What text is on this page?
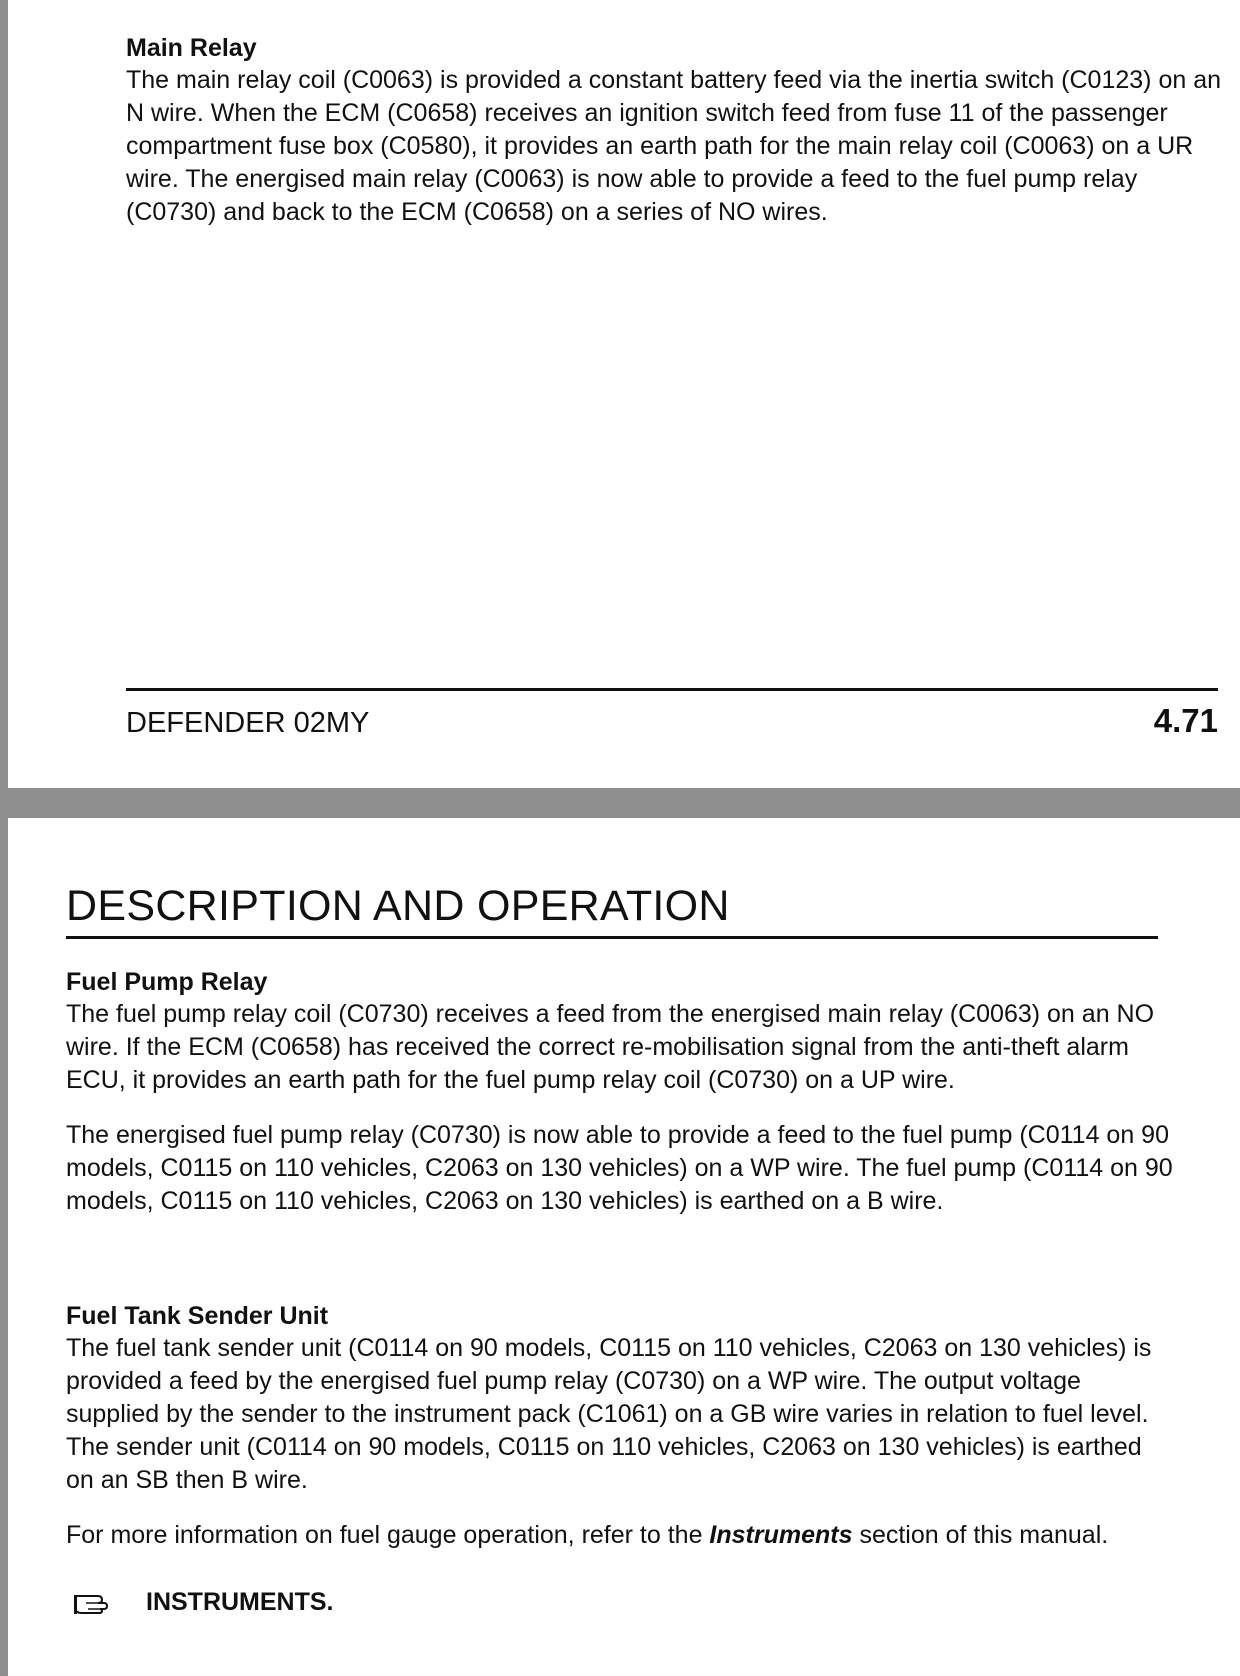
Main Relay

The main relay coil (C0063) is provided a constant battery feed via the inertia switch (C0123) on an N wire. When the ECM (C0658) receives an ignition switch feed from fuse 11 of the passenger compartment fuse box (C0580), it provides an earth path for the main relay coil (C0063) on a UR wire. The energised main relay (C0063) is now able to provide a feed to the fuel pump relay (C0730) and back to the ECM (C0658) on a series of NO wires.

DEFENDER 02MY	4.71
DESCRIPTION AND OPERATION
Fuel Pump Relay

The fuel pump relay coil (C0730) receives a feed from the energised main relay (C0063) on an NO wire. If the ECM (C0658) has received the correct re-mobilisation signal from the anti-theft alarm ECU, it provides an earth path for the fuel pump relay coil (C0730) on a UP wire.

The energised fuel pump relay (C0730) is now able to provide a feed to the fuel pump (C0114 on 90 models, C0115 on 110 vehicles, C2063 on 130 vehicles) on a WP wire. The fuel pump (C0114 on 90 models, C0115 on 110 vehicles, C2063 on 130 vehicles) is earthed on a B wire.

Fuel Tank Sender Unit

The fuel tank sender unit (C0114 on 90 models, C0115 on 110 vehicles, C2063 on 130 vehicles) is provided a feed by the energised fuel pump relay (C0730) on a WP wire. The output voltage supplied by the sender to the instrument pack (C1061) on a GB wire varies in relation to fuel level. The sender unit (C0114 on 90 models, C0115 on 110 vehicles, C2063 on 130 vehicles) is earthed on an SB then B wire.

For more information on fuel gauge operation, refer to the Instruments section of this manual.

INSTRUMENTS.
